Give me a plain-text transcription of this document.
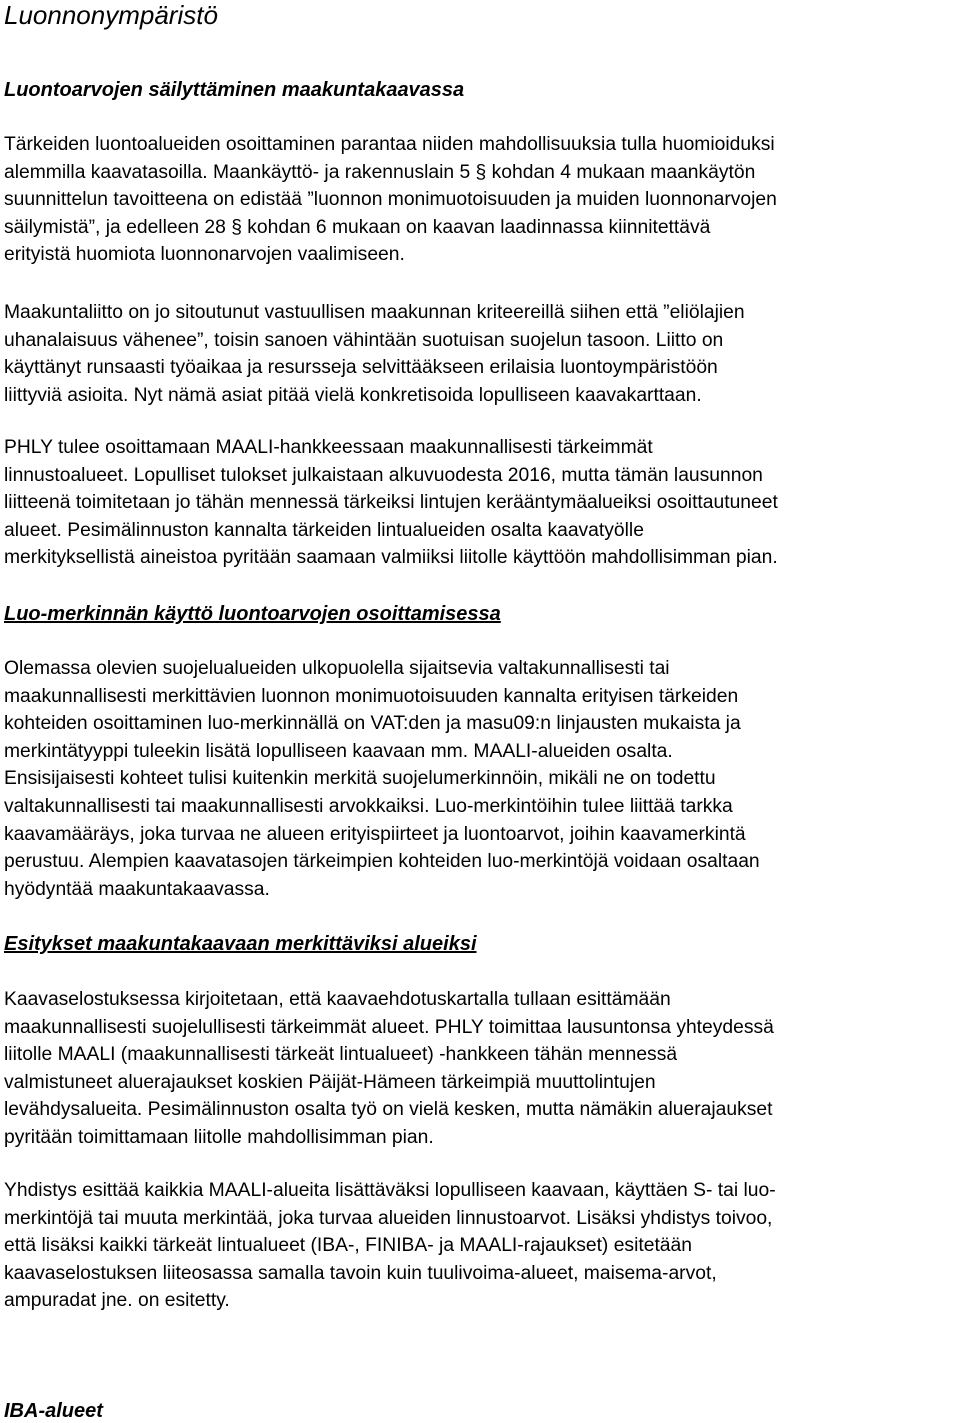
Luonnonympäristö
Luontoarvojen säilyttäminen maakuntakaavassa

Tärkeiden luontoalueiden osoittaminen parantaa niiden mahdollisuuksia tulla huomioiduksi
alemmilla kaavatasoilla. Maankäyttö- ja rakennuslain 5 § kohdan 4 mukaan maankäytön
suunnittelun tavoitteena on edistää ”luonnon monimuotoisuuden ja muiden luonnonarvojen
säilymistä”, ja edelleen 28 § kohdan 6 mukaan on kaavan laadinnassa kiinnitettävä
erityistä huomiota luonnonarvojen vaalimiseen.

Maakuntaliitto on jo sitoutunut vastuullisen maakunnan kriteereillä siihen että ”eliölajien
uhanalaisuus vähenee”, toisin sanoen vähintään suotuisan suojelun tasoon. Liitto on
käyttänyt runsaasti työaikaa ja resursseja selvittääkseen erilaisia luontoympäristöön
liittyviä asioita. Nyt nämä asiat pitää vielä konkretisoida lopulliseen kaavakarttaan.

PHLY tulee osoittamaan MAALI-hankkeessaan maakunnallisesti tärkeimmät
linnustoalueet. Lopulliset tulokset julkaistaan alkuvuodesta 2016, mutta tämän lausunnon
liitteenä toimitetaan jo tähän mennessä tärkeiksi lintujen kerääntymäalueiksi osoittautuneet
alueet. Pesimälinnuston kannalta tärkeiden lintualueiden osalta kaavatyölle
merkityksellistä aineistoa pyritään saamaan valmiiksi liitolle käyttöön mahdollisimman pian.

Luo-merkinnän käyttö luontoarvojen osoittamisessa

Olemassa olevien suojelualueiden ulkopuolella sijaitsevia valtakunnallisesti tai
maakunnallisesti merkittävien luonnon monimuotoisuuden kannalta erityisen tärkeiden
kohteiden osoittaminen luo-merkinnällä on VAT:den ja masu09:n linjausten mukaista ja
merkintätyyppi tuleekin lisätä lopulliseen kaavaan mm. MAALI-alueiden osalta.
Ensisijaisesti kohteet tulisi kuitenkin merkitä suojelumerkinnöin, mikäli ne on todettu
valtakunnallisesti tai maakunnallisesti arvokkaiksi. Luo-merkintöihin tulee liittää tarkka
kaavamääräys, joka turvaa ne alueen erityispiirteet ja luontoarvot, joihin kaavamerkintä
perustuu. Alempien kaavatasojen tärkeimpien kohteiden luo-merkintöjä voidaan osaltaan
hyödyntää maakuntakaavassa.

Esitykset maakuntakaavaan merkittäviksi alueiksi

Kaavaselostuksessa kirjoitetaan, että kaavaehdotuskartalla tullaan esittämään
maakunnallisesti suojelullisesti tärkeimmät alueet. PHLY toimittaa lausuntonsa yhteydessä
liitolle MAALI (maakunnallisesti tärkeät lintualueet) -hankkeen tähän mennessä
valmistuneet aluerajaukset koskien Päijät-Hämeen tärkeimpiä muuttolintujen
levähdysalueita. Pesimälinnuston osalta työ on vielä kesken, mutta nämäkin aluerajaukset
pyritään toimittamaan liitolle mahdollisimman pian.

Yhdistys esittää kaikkia MAALI-alueita lisättäväksi lopulliseen kaavaan, käyttäen S- tai luo-
merkintöjä tai muuta merkintää, joka turvaa alueiden linnustoarvot. Lisäksi yhdistys toivoo,
että lisäksi kaikki tärkeät lintualueet (IBA-, FINIBA- ja MAALI-rajaukset) esitetään
kaavaselostuksen liiteosassa samalla tavoin kuin tuulivoima-alueet, maisema-arvot,
ampuradat jne. on esitetty.

IBA-alueet
